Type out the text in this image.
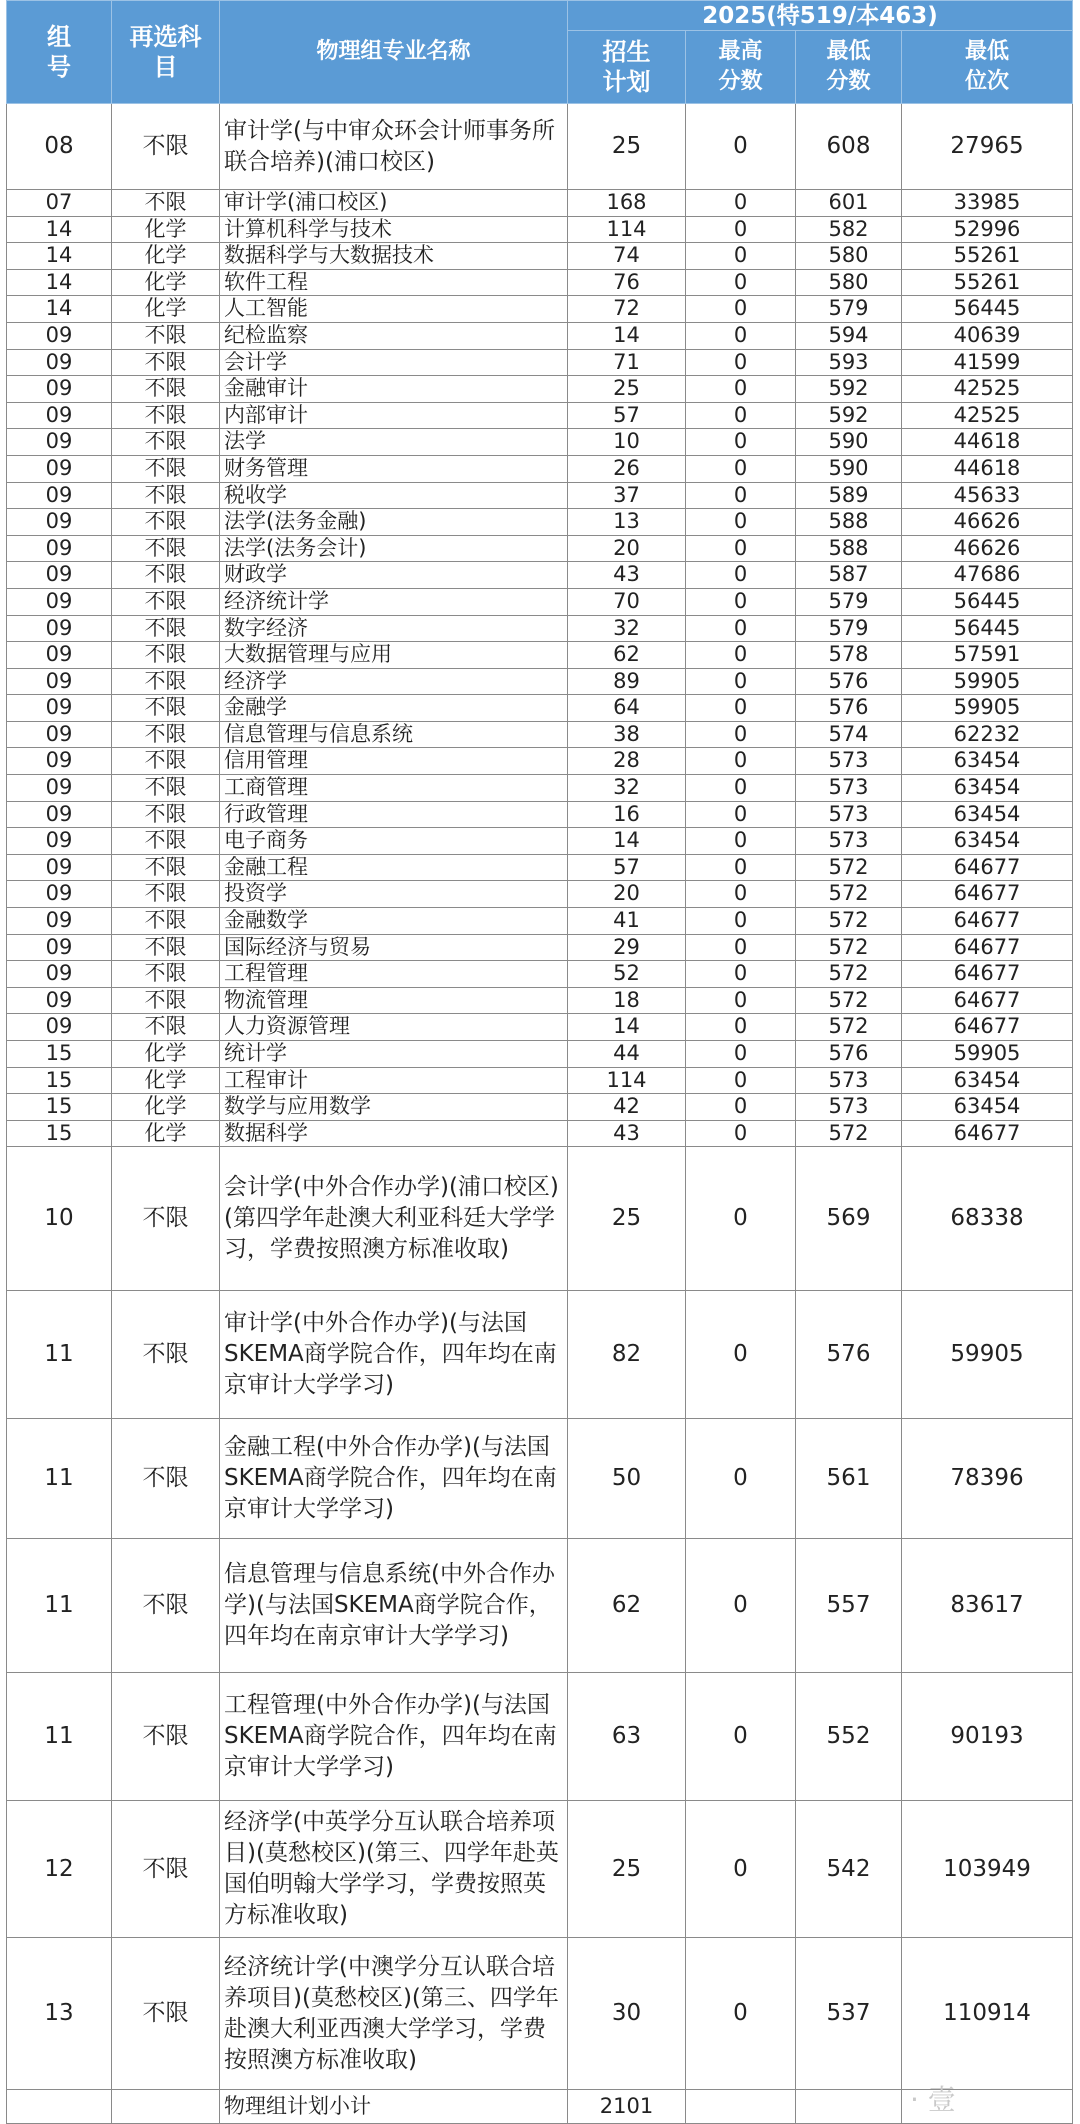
组号	再选科目	物理组专业名称	2025(特519/本463)			
			招生计划	最高分数	最低分数	最低位次
08	不限	审计学(与中审众环会计师事务所联合培养)(浦口校区)	25	0	608	27965
07	不限	审计学(浦口校区)	168	0	601	33985
14	化学	计算机科学与技术	114	0	582	52996
14	化学	数据科学与大数据技术	74	0	580	55261
14	化学	软件工程	76	0	580	55261
14	化学	人工智能	72	0	579	56445
09	不限	纪检监察	14	0	594	40639
09	不限	会计学	71	0	593	41599
09	不限	金融审计	25	0	592	42525
09	不限	内部审计	57	0	592	42525
09	不限	法学	10	0	590	44618
09	不限	财务管理	26	0	590	44618
09	不限	税收学	37	0	589	45633
09	不限	法学(法务金融)	13	0	588	46626
09	不限	法学(法务会计)	20	0	588	46626
09	不限	财政学	43	0	587	47686
09	不限	经济统计学	70	0	579	56445
09	不限	数字经济	32	0	579	56445
09	不限	大数据管理与应用	62	0	578	57591
09	不限	经济学	89	0	576	59905
09	不限	金融学	64	0	576	59905
09	不限	信息管理与信息系统	38	0	574	62232
09	不限	信用管理	28	0	573	63454
09	不限	工商管理	32	0	573	63454
09	不限	行政管理	16	0	573	63454
09	不限	电子商务	14	0	573	63454
09	不限	金融工程	57	0	572	64677
09	不限	投资学	20	0	572	64677
09	不限	金融数学	41	0	572	64677
09	不限	国际经济与贸易	29	0	572	64677
09	不限	工程管理	52	0	572	64677
09	不限	物流管理	18	0	572	64677
09	不限	人力资源管理	14	0	572	64677
15	化学	统计学	44	0	576	59905
15	化学	工程审计	114	0	573	63454
15	化学	数学与应用数学	42	0	573	63454
15	化学	数据科学	43	0	572	64677
10	不限	会计学(中外合作办学)(浦口校区)(第四学年赴澳大利亚科廷大学学习，学费按照澳方标准收取)	25	0	569	68338
11	不限	审计学(中外合作办学)(与法国SKEMA商学院合作，四年均在南京审计大学学习)	82	0	576	59905
11	不限	金融工程(中外合作办学)(与法国SKEMA商学院合作，四年均在南京审计大学学习)	50	0	561	78396
11	不限	信息管理与信息系统(中外合作办学)(与法国SKEMA商学院合作，四年均在南京审计大学学习)	62	0	557	83617
11	不限	工程管理(中外合作办学)(与法国SKEMA商学院合作，四年均在南京审计大学学习)	63	0	552	90193
12	不限	经济学(中英学分互认联合培养项目)(莫愁校区)(第三、四学年赴英国伯明翰大学学习，学费按照英方标准收取)	25	0	542	103949
13	不限	经济统计学(中澳学分互认联合培养项目)(莫愁校区)(第三、四学年赴澳大利亚西澳大学学习，学费按照澳方标准收取)	30	0	537	110914
		物理组计划小计	2101				· 壹
